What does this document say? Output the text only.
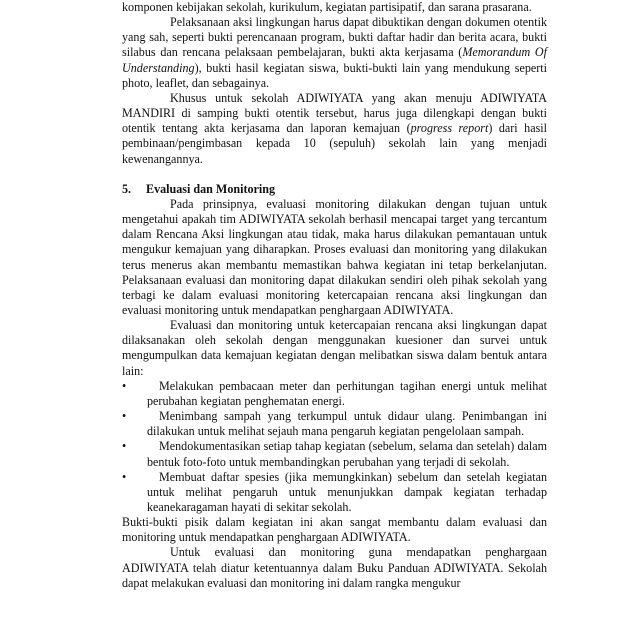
komponen kebijakan sekolah, kurikulum, kegiatan partisipatif, dan sarana prasarana.

Pelaksanaan aksi lingkungan harus dapat dibuktikan dengan dokumen otentik yang sah, seperti bukti perencanaan program, bukti daftar hadir dan berita acara, bukti silabus dan rencana pelaksaan pembelajaran, bukti akta kerjasama (Memorandum Of Understanding), bukti hasil kegiatan siswa, bukti-bukti lain yang mendukung seperti photo, leaflet, dan sebagainya.

Khusus untuk sekolah ADIWIYATA yang akan menuju ADIWIYATA MANDIRI di samping bukti otentik tersebut, harus juga dilengkapi dengan bukti otentik tentang akta kerjasama dan laporan kemajuan (progress report) dari hasil pembinaan/pengimbasan kepada 10 (sepuluh) sekolah lain yang menjadi kewenangannya.

5.	Evaluasi dan Monitoring

Pada prinsipnya, evaluasi monitoring dilakukan dengan tujuan untuk mengetahui apakah tim ADIWIYATA sekolah berhasil mencapai target yang tercantum dalam Rencana Aksi lingkungan atau tidak, maka harus dilakukan pemantauan untuk mengukur kemajuan yang diharapkan. Proses evaluasi dan monitoring yang dilakukan terus menerus akan membantu memastikan bahwa kegiatan ini tetap berkelanjutan. Pelaksanaan evaluasi dan monitoring dapat dilakukan sendiri oleh pihak sekolah yang terbagi ke dalam evaluasi monitoring ketercapaian rencana aksi lingkungan dan evaluasi monitoring untuk mendapatkan penghargaan ADIWIYATA.

Evaluasi dan monitoring untuk ketercapaian rencana aksi lingkungan dapat dilaksanakan oleh sekolah dengan menggunakan kuesioner dan survei untuk mengumpulkan data kemajuan kegiatan dengan melibatkan siswa dalam bentuk antara lain:

•	Melakukan pembacaan meter dan perhitungan tagihan energi untuk melihat perubahan kegiatan penghematan energi.
•	Menimbang sampah yang terkumpul untuk didaur ulang. Penimbangan ini dilakukan untuk melihat sejauh mana pengaruh kegiatan pengelolaan sampah.
•	Mendokumentasikan setiap tahap kegiatan (sebelum, selama dan setelah) dalam bentuk foto-foto untuk membandingkan perubahan yang terjadi di sekolah.
•	Membuat daftar spesies (jika memungkinkan) sebelum dan setelah kegiatan untuk melihat pengaruh untuk menunjukkan dampak kegiatan terhadap keanekaragaman hayati di sekitar sekolah.

Bukti-bukti pisik dalam kegiatan ini akan sangat membantu dalam evaluasi dan monitoring untuk mendapatkan penghargaan ADIWIYATA.

Untuk evaluasi dan monitoring guna mendapatkan penghargaan ADIWIYATA telah diatur ketentuannya dalam Buku Panduan ADIWIYATA. Sekolah dapat melakukan evaluasi dan monitoring ini dalam rangka mengukur
